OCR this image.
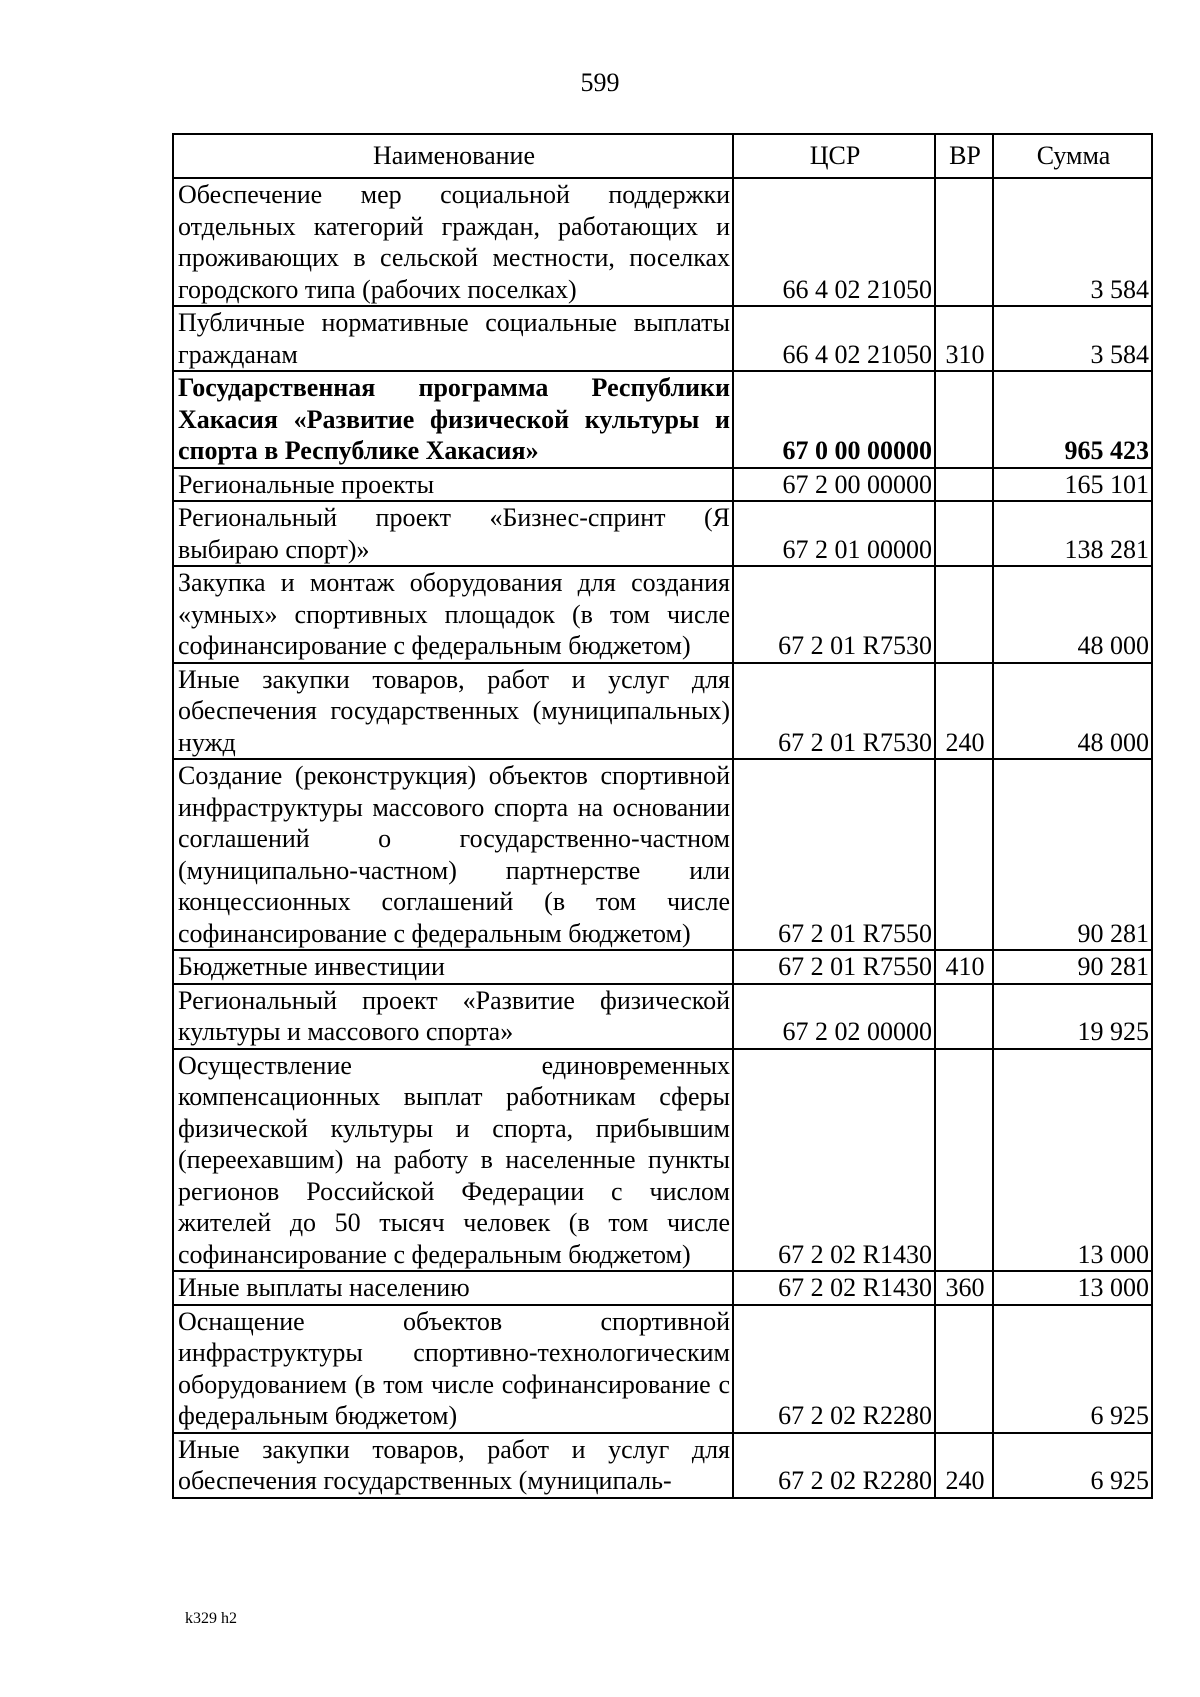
599
Наименование	ЦСР	ВР	Сумма
Обеспечение мер социальной поддержки отдельных категорий граждан, работающих и проживающих в сельской местности, поселках городского типа (рабочих поселках)	66 4 02 21050		3 584
Публичные нормативные социальные выплаты гражданам	66 4 02 21050	310	3 584
Государственная программа Республики Хакасия «Развитие физической культуры и спорта в Республике Хакасия»	67 0 00 00000		965 423
Региональные проекты	67 2 00 00000		165 101
Региональный проект «Бизнес-спринт (Я выбираю спорт)»	67 2 01 00000		138 281
Закупка и монтаж оборудования для создания «умных» спортивных площадок (в том числе софинансирование с федеральным бюджетом)	67 2 01 R7530		48 000
Иные закупки товаров, работ и услуг для обеспечения государственных (муниципальных) нужд	67 2 01 R7530	240	48 000
Создание (реконструкция) объектов спортивной инфраструктуры массового спорта на основании соглашений о государственно-частном (муниципально-частном) партнерстве или концессионных соглашений (в том числе софинансирование с федеральным бюджетом)	67 2 01 R7550		90 281
Бюджетные инвестиции	67 2 01 R7550	410	90 281
Региональный проект «Развитие физической культуры и массового спорта»	67 2 02 00000		19 925
Осуществление единовременных компенсационных выплат работникам сферы физической культуры и спорта, прибывшим (переехавшим) на работу в населенные пункты регионов Российской Федерации с числом жителей до 50 тысяч человек (в том числе софинансирование с федеральным бюджетом)	67 2 02 R1430		13 000
Иные выплаты населению	67 2 02 R1430	360	13 000
Оснащение объектов спортивной инфраструктуры спортивно-технологическим оборудованием (в том числе софинансирование с федеральным бюджетом)	67 2 02 R2280		6 925
Иные закупки товаров, работ и услуг для обеспечения государственных (муниципаль-	67 2 02 R2280	240	6 925
k329 h2
